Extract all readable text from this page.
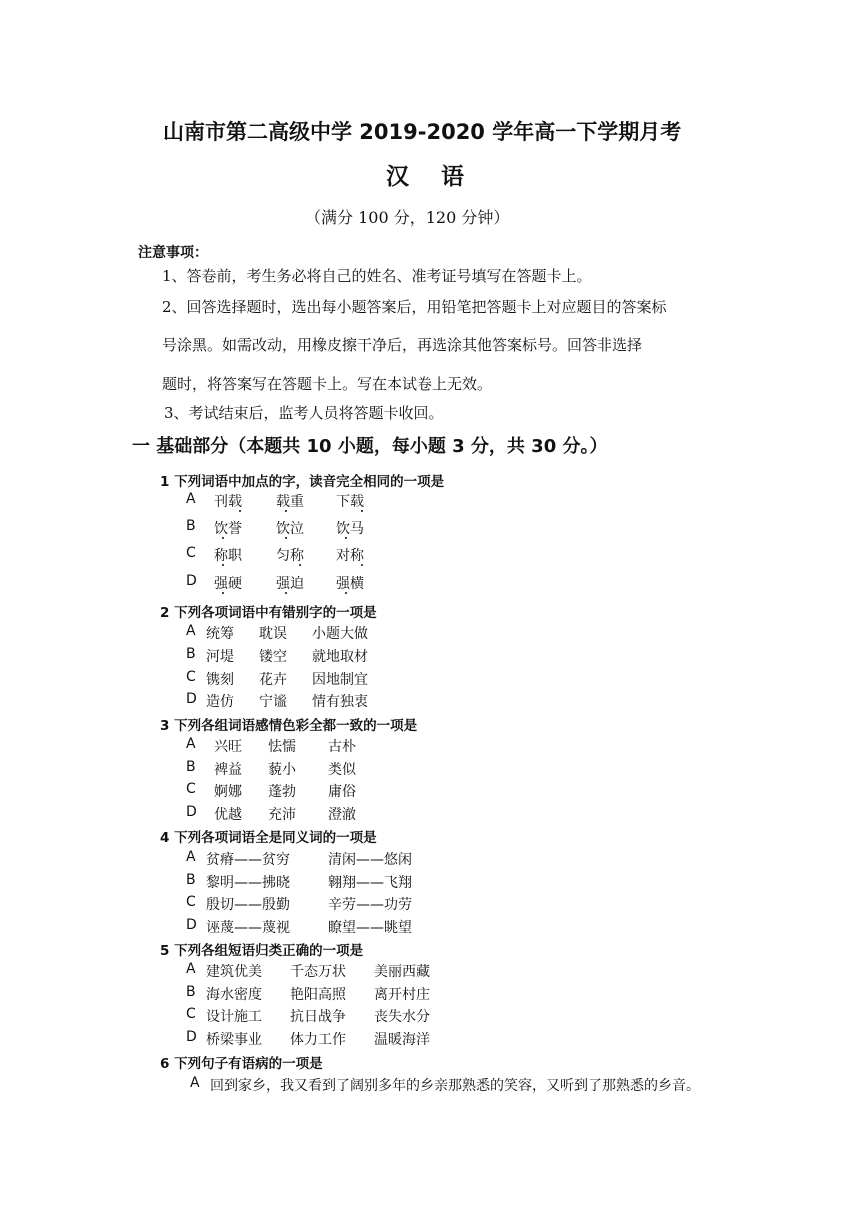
山南市第二高级中学 2019-2020 学年高一下学期月考
汉语
（满分 100 分，120 分钟）
注意事项：
1、答卷前，考生务必将自己的姓名、准考证号填写在答题卡上。
2、回答选择题时，选出每小题答案后，用铅笔把答题卡上对应题目的答案标
号涂黑。如需改动，用橡皮擦干净后，再选涂其他答案标号。回答非选择
题时，将答案写在答题卡上。写在本试卷上无效。
3、考试结束后，监考人员将答题卡收回。
一 基础部分（本题共 10 小题，每小题 3 分，共 30 分。）
1 下列词语中加点的字，读音完全相同的一项是
A	刊载	载重	下载
B	饮誉	饮泣	饮马
C	称职	匀称	对称
D	强硬	强迫	强横
2 下列各项词语中有错别字的一项是
A 统筹	耽误	小题大做
B 河堤	镂空	就地取材
C 镌刻	花卉	因地制宜
D 造仿	宁谧	情有独衷
3 下列各组词语感情色彩全都一致的一项是
A	兴旺	怯懦	古朴
B	裨益	藐小	类似
C	婀娜	蓬勃	庸俗
D	优越	充沛	澄澈
4 下列各项词语全是同义词的一项是
A 贫瘠——贫穷	清闲——悠闲
B 黎明——拂晓	翱翔——飞翔
C 殷切——殷勤	辛劳——功劳
D 诬蔑——蔑视	瞭望——眺望
5 下列各组短语归类正确的一项是
A 建筑优美	千态万状	美丽西藏
B 海水密度	艳阳高照	离开村庄
C 设计施工	抗日战争	丧失水分
D 桥梁事业	体力工作	温暖海洋
6 下列句子有语病的一项是
A 回到家乡，我又看到了阔别多年的乡亲那熟悉的笑容，又听到了那熟悉的乡音。
